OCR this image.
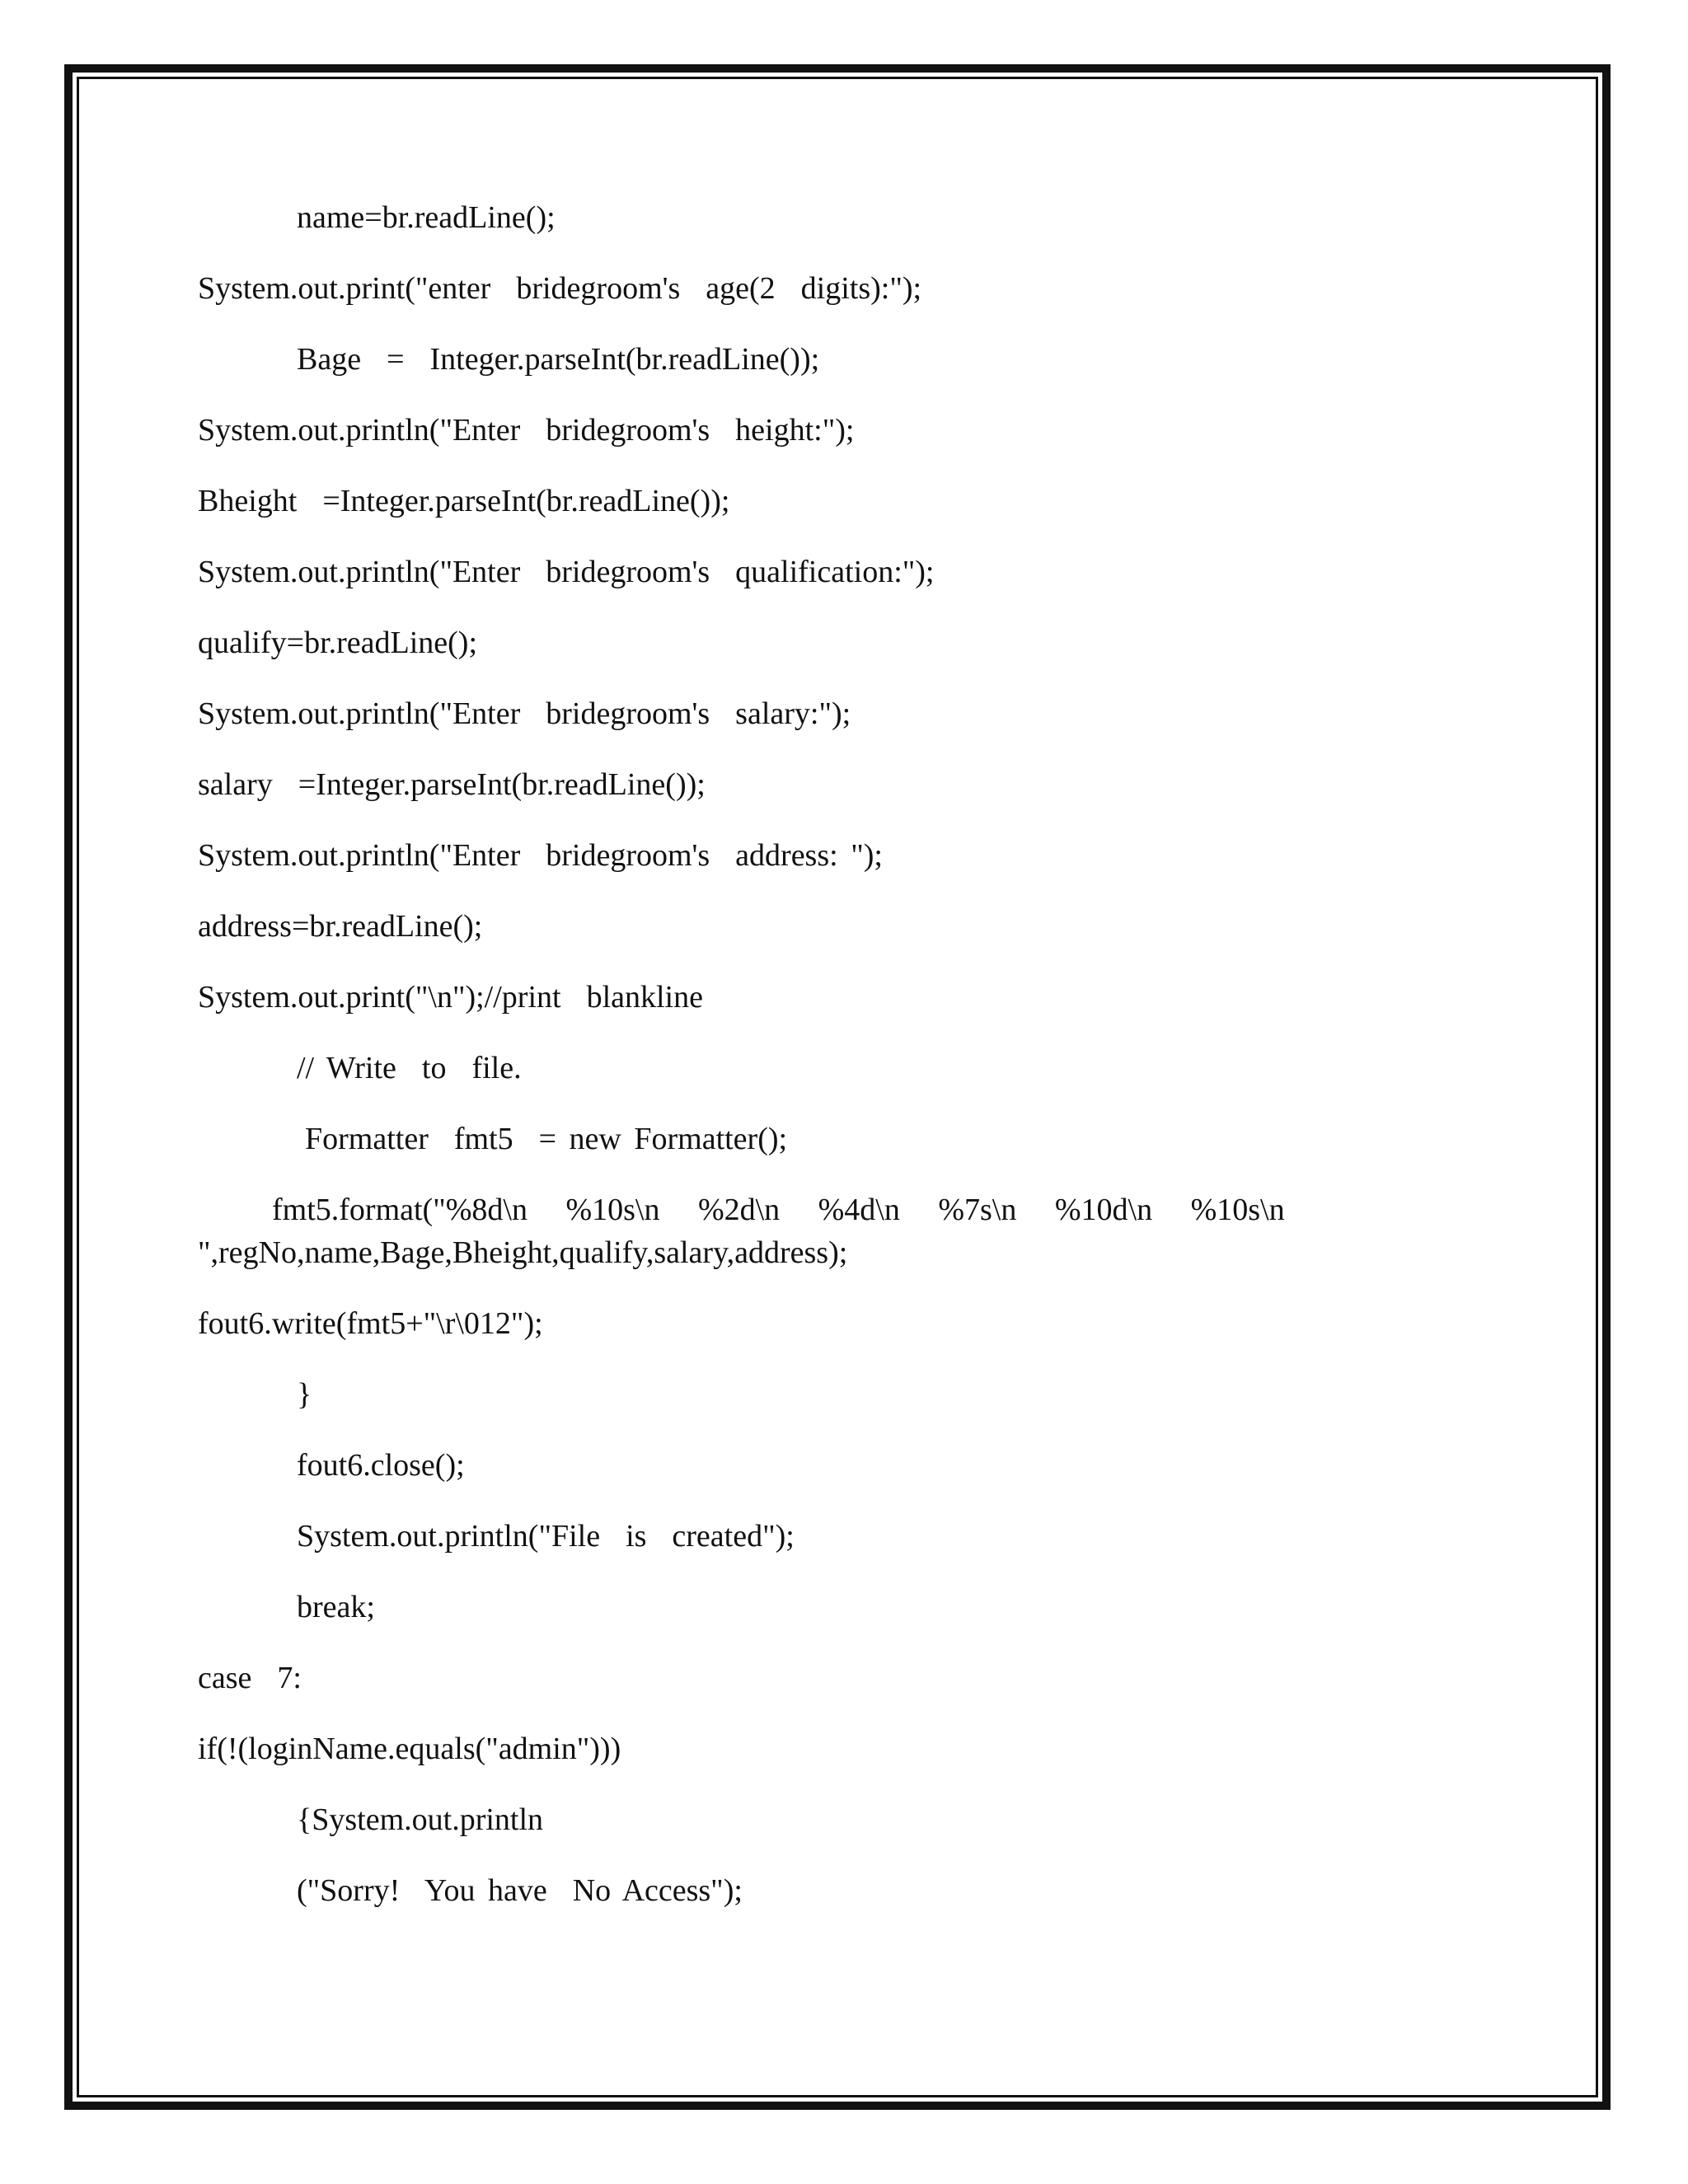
name=br.readLine();
System.out.print("enter  bridegroom's  age(2  digits):");
Bage  =  Integer.parseInt(br.readLine());
System.out.println("Enter  bridegroom's  height:");
Bheight  =Integer.parseInt(br.readLine());
System.out.println("Enter  bridegroom's  qualification:");
qualify=br.readLine();
System.out.println("Enter  bridegroom's  salary:");
salary  =Integer.parseInt(br.readLine());
System.out.println("Enter  bridegroom's  address: ");
address=br.readLine();
System.out.print("\n");//print  blankline
// Write  to  file.
Formatter  fmt5  = new Formatter();
fmt5.format("%8d\n   %10s\n   %2d\n   %4d\n   %7s\n   %10d\n   %10s\n
",regNo,name,Bage,Bheight,qualify,salary,address);
fout6.write(fmt5+"\r\012");
}
fout6.close();
System.out.println("File  is  created");
break;
case  7:
if(!(loginName.equals("admin")))
{System.out.println
("Sorry!  You have  No Access");
